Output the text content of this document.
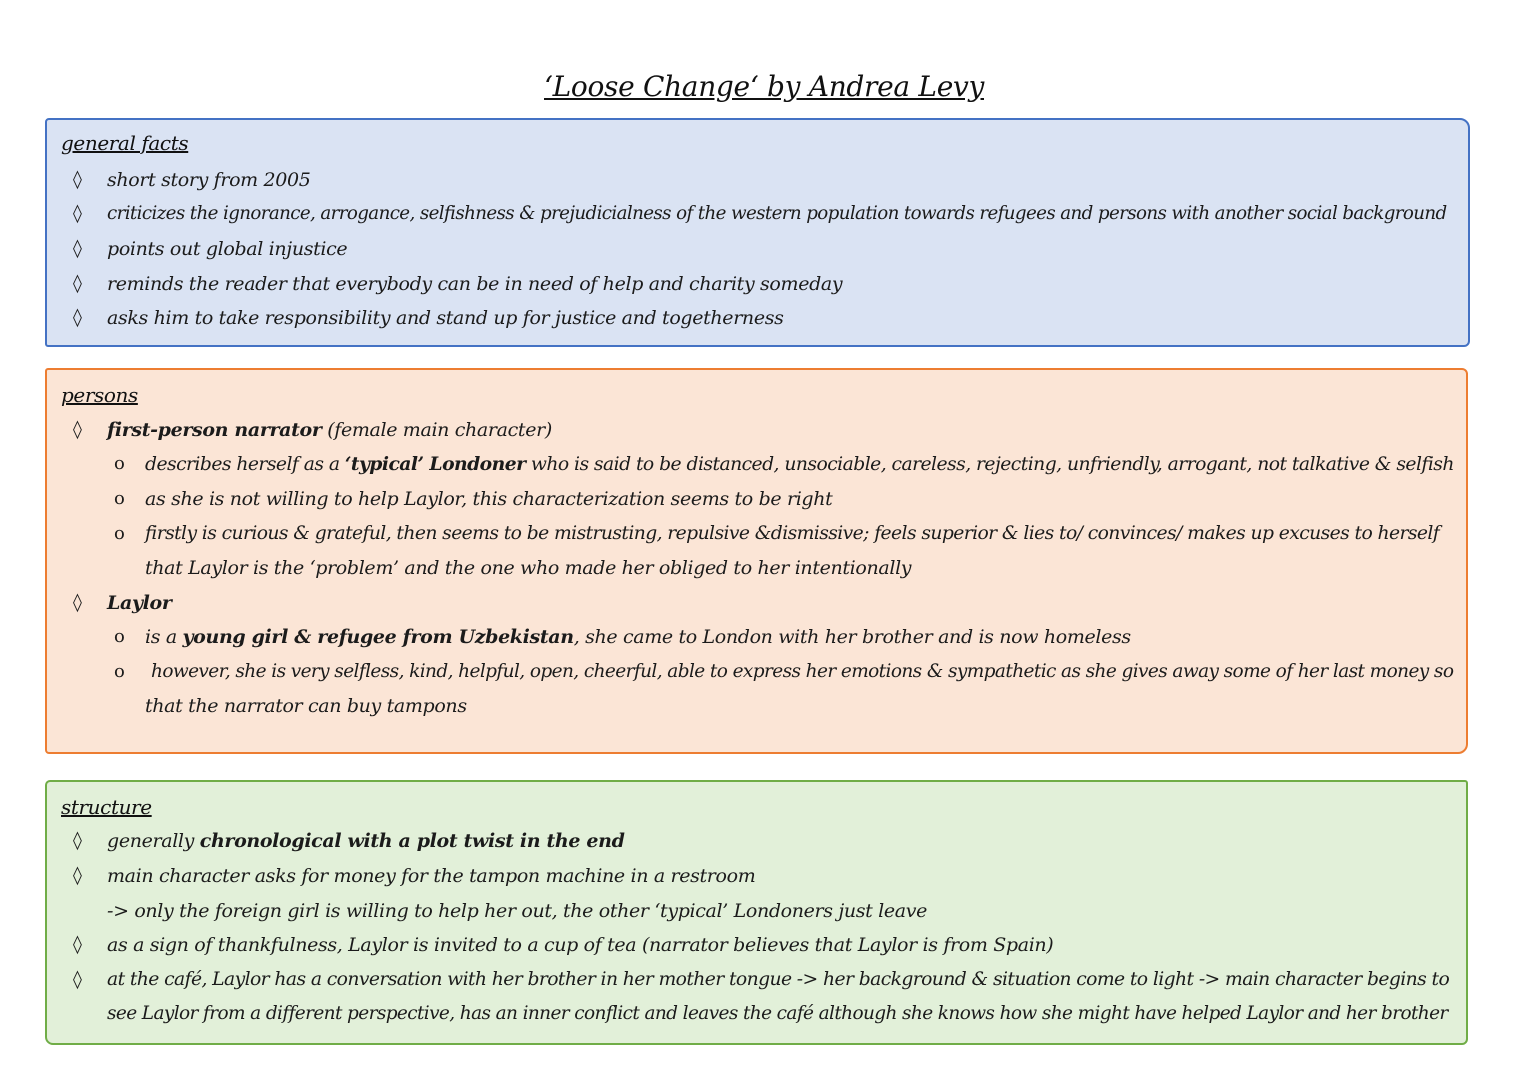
‘Loose Change‘ by Andrea Levy
general facts
◊ short story from 2005
◊ criticizes the ignorance, arrogance, selfishness & prejudicialness of the western population towards refugees and persons with another social background
◊ points out global injustice
◊ reminds the reader that everybody can be in need of help and charity someday
◊ asks him to take responsibility and stand up for justice and togetherness
persons
◊ first-person narrator (female main character)
o describes herself as a ‘typical’ Londoner who is said to be distanced, unsociable, careless, rejecting, unfriendly, arrogant, not talkative & selfish
o as she is not willing to help Laylor, this characterization seems to be right
o firstly is curious & grateful, then seems to be mistrusting, repulsive &dismissive; feels superior & lies to/ convinces/ makes up excuses to herself
that Laylor is the ‘problem’ and the one who made her obliged to her intentionally
◊ Laylor
o is a young girl & refugee from Uzbekistan, she came to London with her brother and is now homeless
o however, she is very selfless, kind, helpful, open, cheerful, able to express her emotions & sympathetic as she gives away some of her last money so
that the narrator can buy tampons
structure
◊ generally chronological with a plot twist in the end
◊ main character asks for money for the tampon machine in a restroom
-> only the foreign girl is willing to help her out, the other ‘typical’ Londoners just leave
◊ as a sign of thankfulness, Laylor is invited to a cup of tea (narrator believes that Laylor is from Spain)
◊ at the café, Laylor has a conversation with her brother in her mother tongue -> her background & situation come to light -> main character begins to
see Laylor from a different perspective, has an inner conflict and leaves the café although she knows how she might have helped Laylor and her brother
